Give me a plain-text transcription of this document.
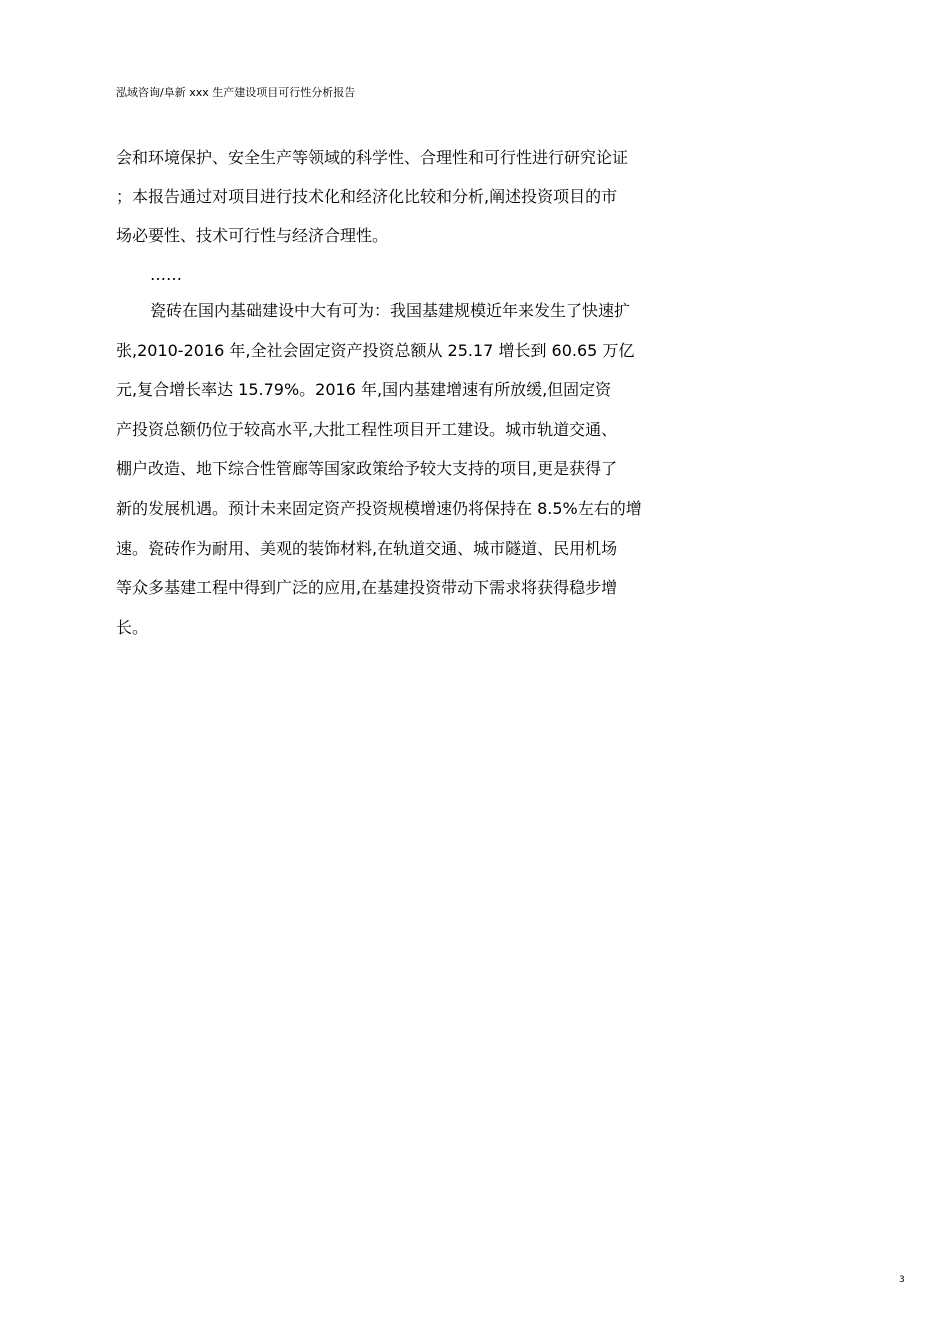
泓域咨询/阜新 xxx 生产建设项目可行性分析报告
会和环境保护、安全生产等领域的科学性、合理性和可行性进行研究论证
；本报告通过对项目进行技术化和经济化比较和分析,阐述投资项目的市
场必要性、技术可行性与经济合理性。
……
瓷砖在国内基础建设中大有可为：我国基建规模近年来发生了快速扩
张,2010-2016 年,全社会固定资产投资总额从 25.17 增长到 60.65 万亿
元,复合增长率达 15.79%。2016 年,国内基建增速有所放缓,但固定资
产投资总额仍位于较高水平,大批工程性项目开工建设。城市轨道交通、
棚户改造、地下综合性管廊等国家政策给予较大支持的项目,更是获得了
新的发展机遇。预计未来固定资产投资规模增速仍将保持在 8.5%左右的增
速。瓷砖作为耐用、美观的装饰材料,在轨道交通、城市隧道、民用机场
等众多基建工程中得到广泛的应用,在基建投资带动下需求将获得稳步增
长。
3
